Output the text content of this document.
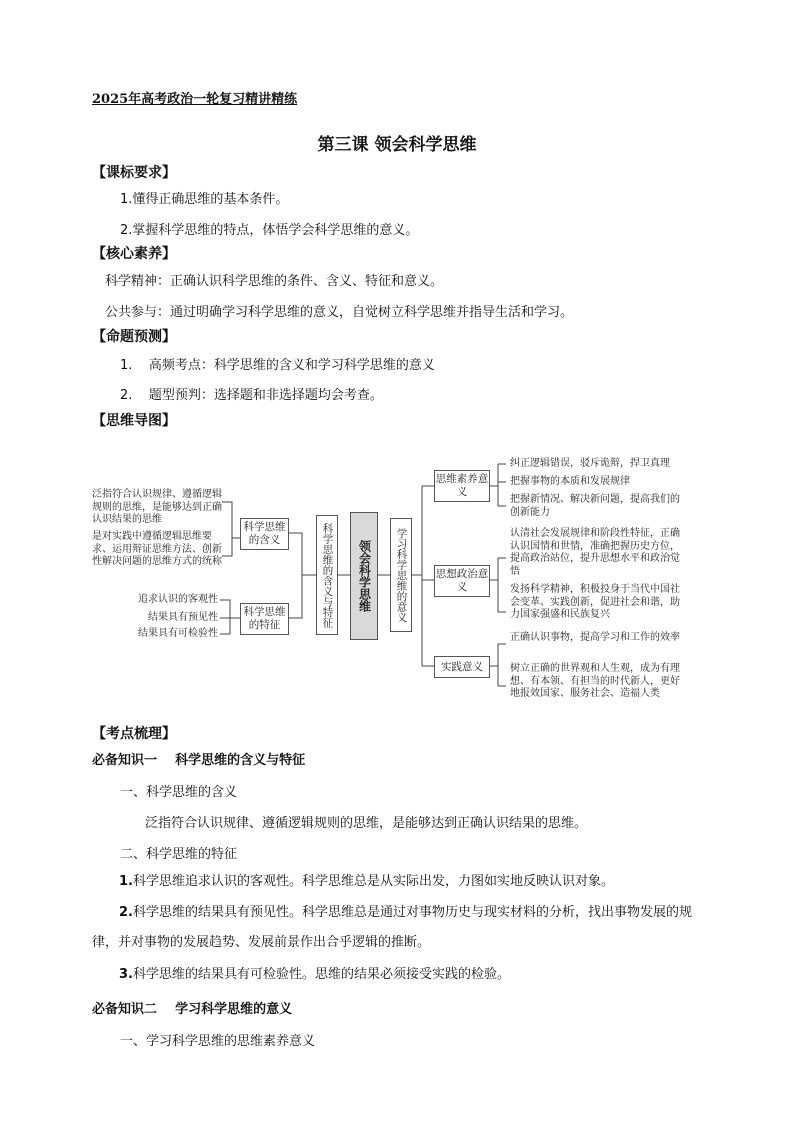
2025年高考政治一轮复习精讲精练
第三课 领会科学思维
【课标要求】
1.懂得正确思维的基本条件。
2.掌握科学思维的特点，体悟学会科学思维的意义。
【核心素养】
科学精神：正确认识科学思维的条件、含义、特征和意义。
公共参与：通过明确学习科学思维的意义，自觉树立科学思维并指导生活和学习。
【命题预测】
1.    高频考点：科学思维的含义和学习科学思维的意义
2.    题型预判：选择题和非选择题均会考查。
【思维导图】
泛指符合认识规律、遵循逻辑规则的思维，是能够达到正确认识结果的思维
是对实践中遵循逻辑思维要求、运用辩证思维方法、创新性解决问题的思维方式的统称
追求认识的客观性
结果具有预见性
结果具有可检验性
科学思维的含义
科学思维的特征	科学思维的含义与特征	领会科学思维	学习科学思维的意义
思维素养意义
思想政治意义
实践意义
纠正逻辑错误，驳斥诡辩，捍卫真理
把握事物的本质和发展规律
把握新情况、解决新问题，提高我们的创新能力
认清社会发展规律和阶段性特征，正确认识国情和世情，准确把握历史方位，提高政治站位，提升思想水平和政治觉悟
发扬科学精神，积极投身于当代中国社会变革、实践创新，促进社会和谐，助力国家强盛和民族复兴
正确认识事物，提高学习和工作的效率
树立正确的世界观和人生观，成为有理想、有本领、有担当的时代新人，更好地报效国家、服务社会、造福人类
【考点梳理】
必备知识一    科学思维的含义与特征
一、科学思维的含义
泛指符合认识规律、遵循逻辑规则的思维，是能够达到正确认识结果的思维。
二、科学思维的特征
1.科学思维追求认识的客观性。科学思维总是从实际出发，力图如实地反映认识对象。
2.科学思维的结果具有预见性。科学思维总是通过对事物历史与现实材料的分析，找出事物发展的规律，并对事物的发展趋势、发展前景作出合乎逻辑的推断。
3.科学思维的结果具有可检验性。思维的结果必须接受实践的检验。
必备知识二    学习科学思维的意义
一、学习科学思维的思维素养意义
